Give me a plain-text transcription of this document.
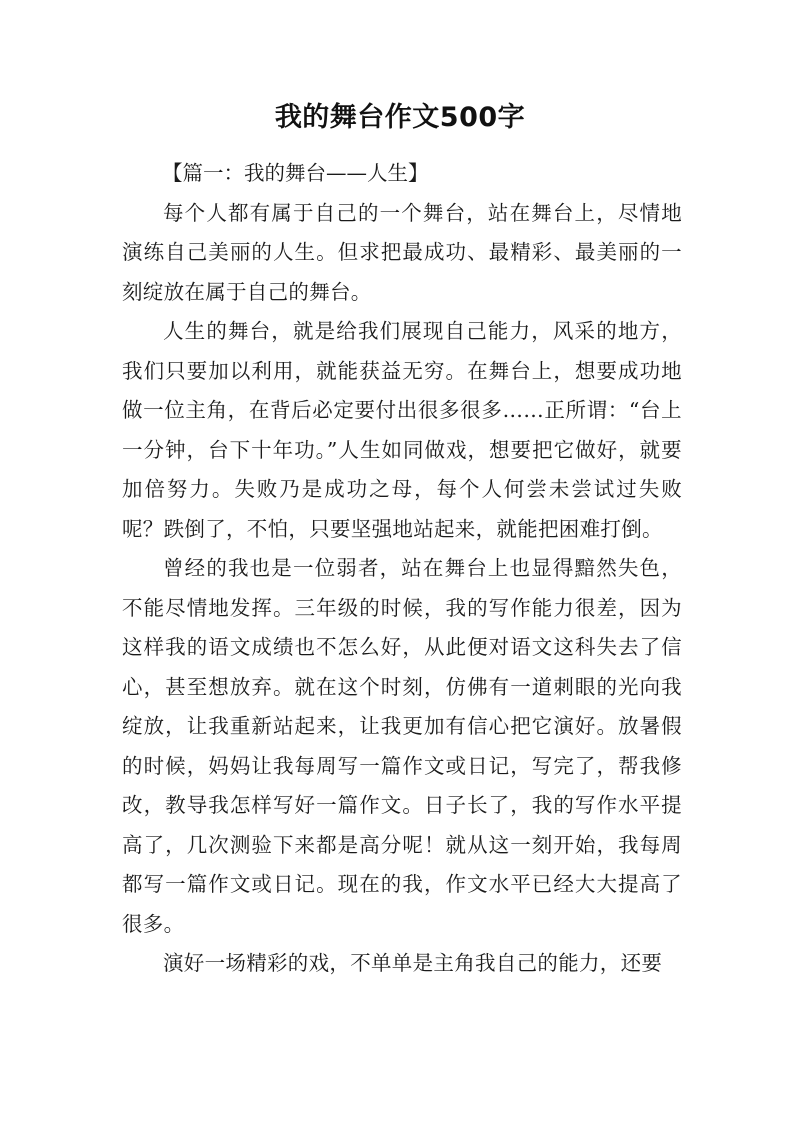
我的舞台作文500字

【篇一：我的舞台——人生】

每个人都有属于自己的一个舞台，站在舞台上，尽情地演练自己美丽的人生。但求把最成功、最精彩、最美丽的一刻绽放在属于自己的舞台。

人生的舞台，就是给我们展现自己能力，风采的地方，我们只要加以利用，就能获益无穷。在舞台上，想要成功地做一位主角，在背后必定要付出很多很多……正所谓：“台上一分钟，台下十年功。”人生如同做戏，想要把它做好，就要加倍努力。失败乃是成功之母，每个人何尝未尝试过失败呢？跌倒了，不怕，只要坚强地站起来，就能把困难打倒。

曾经的我也是一位弱者，站在舞台上也显得黯然失色，不能尽情地发挥。三年级的时候，我的写作能力很差，因为这样我的语文成绩也不怎么好，从此便对语文这科失去了信心，甚至想放弃。就在这个时刻，仿佛有一道刺眼的光向我绽放，让我重新站起来，让我更加有信心把它演好。放暑假的时候，妈妈让我每周写一篇作文或日记，写完了，帮我修改，教导我怎样写好一篇作文。日子长了，我的写作水平提高了，几次测验下来都是高分呢！就从这一刻开始，我每周都写一篇作文或日记。现在的我，作文水平已经大大提高了很多。

演好一场精彩的戏，不单单是主角我自己的能力，还要
